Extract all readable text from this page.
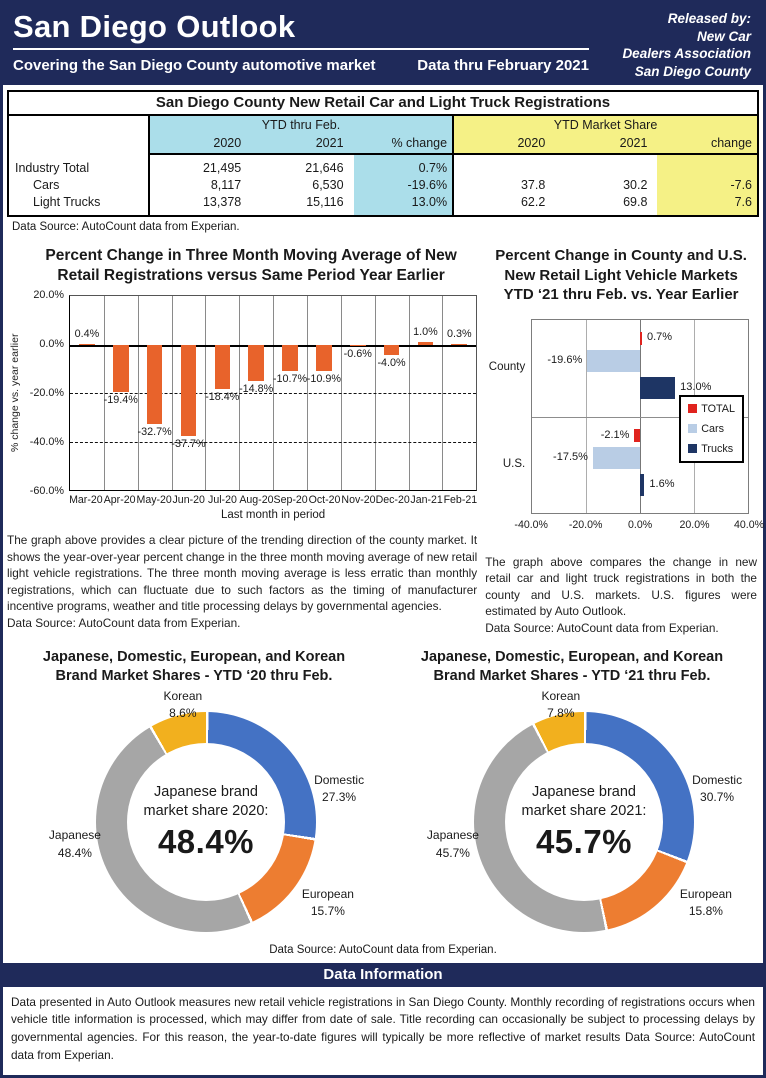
San Diego Outlook
Covering the San Diego County automotive market	Data thru February 2021
Released by:
New Car
Dealers Association
San Diego County
San Diego County New Retail Car and Light Truck Registrations
	YTD thru Feb.			YTD Market Share		
	2020	2021	% change	2020	2021	change

Industry Total	21,495	21,646	0.7%			
Cars	8,117	6,530	-19.6%	37.8	30.2	-7.6
Light Trucks	13,378	15,116	13.0%	62.2	69.8	7.6

Data Source: AutoCount data from Experian.
Percent Change in Three Month Moving Average of New Retail Registrations versus Same Period Year Earlier
% change vs. year earlier
20.0%
0.0%
-20.0%
-40.0%
-60.0%
0.4%
-19.4%
-32.7%
-37.7%
-18.4%
-14.8%
-10.7% -10.9%
-0.6%
-4.0%
1.0% 0.3%
Mar-20 Apr-20 May-20 Jun-20 Jul-20 Aug-20 Sep-20 Oct-20 Nov-20 Dec-20 Jan-21 Feb-21
Last month in period

The graph above provides a clear picture of the trending direction of the county market. It shows the year-over-year percent change in the three month moving average of new retail light vehicle registrations. The three month moving average is less erratic than monthly registrations, which can fluctuate due to such factors as the timing of manufacturer incentive programs, weather and title processing delays by governmental agencies.

Data Source: AutoCount data from Experian.

Percent Change in County and U.S. New Retail Light Vehicle Markets YTD ‘21 thru Feb. vs. Year Earlier
0.7%
-2.1%
-19.6%
-17.5%
13.0%
1.6%
-40.0% -20.0% 0.0%	20.0% 40.0%
TOTAL
Cars
Trucks
County
U.S.

The graph above compares the change in new retail car and light truck registrations in both the county and U.S. markets. U.S. figures were estimated by Auto Outlook.

Data Source: AutoCount data from Experian.

Japanese, Domestic, European, and Korean Brand Market Shares - YTD ‘20 thru Feb.
Japanese brand market share 2020:
48.4%
Domestic
27.3%
European
15.7%
Japanese
48.4%
Korean
8.6%
Japanese, Domestic, European, and Korean Brand Market Shares - YTD ‘21 thru Feb.
Japanese brand market share 2021:
45.7%
Domestic
30.7%
European
15.8%
Japanese
45.7%
Korean
7.8%
Data Source: AutoCount data from Experian.
Data Information

Data presented in Auto Outlook measures new retail vehicle registrations in San Diego County. Monthly recording of registrations occurs when vehicle title information is processed, which may differ from date of sale. Title recording can occasionally be subject to processing delays by governmental agencies. For this reason, the year-to-date figures will typically be more reflective of market results Data Source: AutoCount data from Experian.
